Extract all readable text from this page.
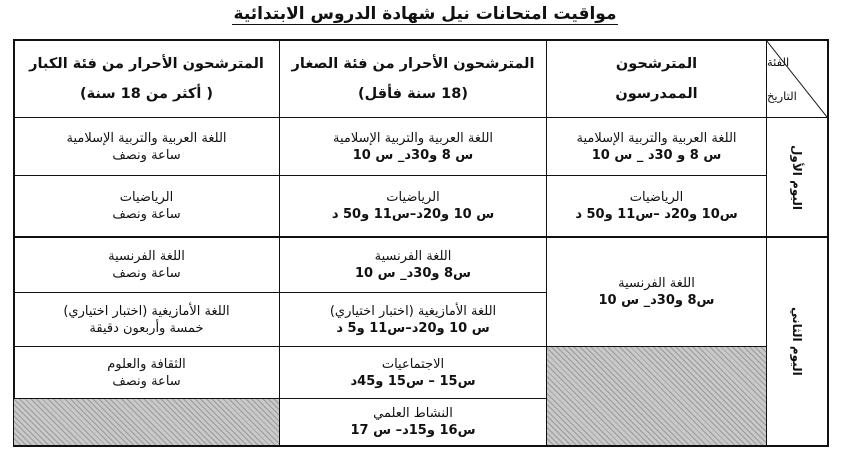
مواقيت امتحانات نيل شهادة الدروس الابتدائية
الفئة
التاريخ
المترشحون
الممدرسون
المترشحون الأحرار من فئة الصغار
(18 سنة فأقل)
المترشحون الأحرار من فئة الكبار
( أكثر من 18 سنة)
اليوم الأول
اليوم الثاني
اللغة العربية والتربية الإسلامية
س 8 و 30د _ س 10
الرياضيات
س10 و20د –س11 و50 د
اللغة الفرنسية
س8 و30د_ س 10
اللغة العربية والتربية الإسلامية
س 8 و30د_ س 10
الرياضيات
س 10 و20د–س11 و50 د
اللغة الفرنسية
س8 و30د_ س 10
اللغة الأمازيغية (اختبار اختياري)
س 10 و20د–س11 و5 د
الاجتماعيات
س15 – س15 و45د
النشاط العلمي
س16 و15د– س 17
اللغة العربية والتربية الإسلامية
ساعة ونصف
الرياضيات
ساعة ونصف
اللغة الفرنسية
ساعة ونصف
اللغة الأمازيغية (اختبار اختياري)
خمسة وأربعون دقيقة
الثقافة والعلوم
ساعة ونصف
